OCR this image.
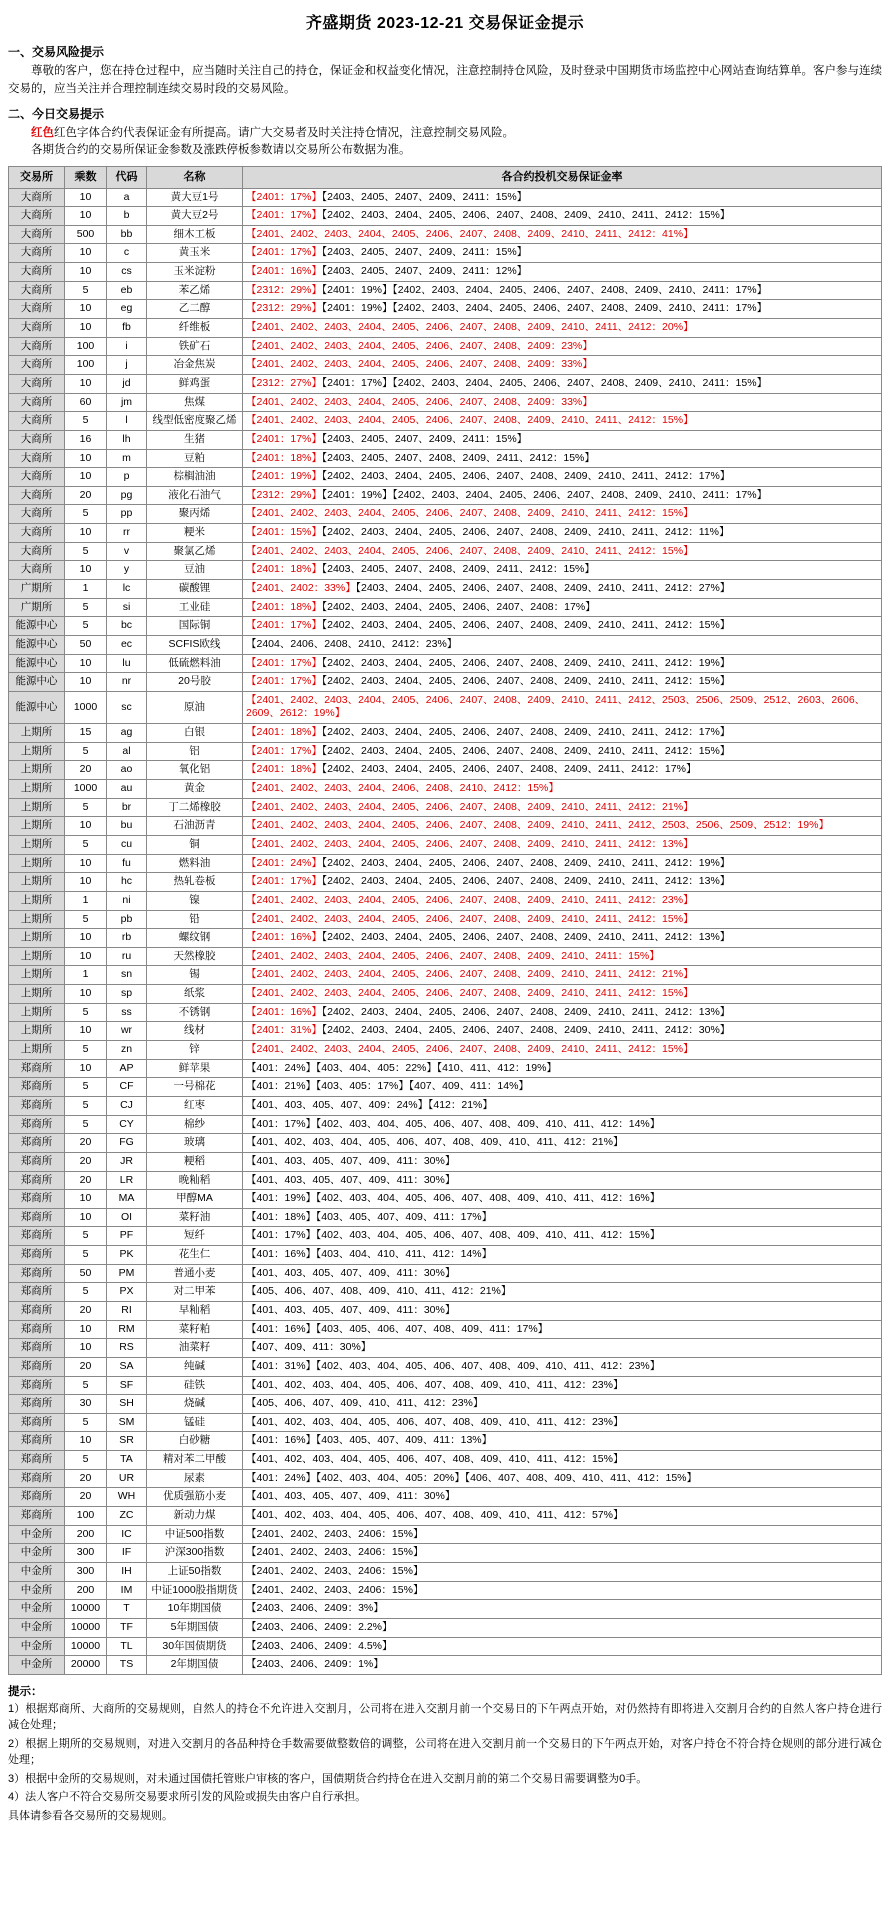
齐盛期货 2023-12-21 交易保证金提示
一、交易风险提示

尊敬的客户，您在持仓过程中，应当随时关注自己的持仓，保证金和权益变化情况，注意控制持仓风险，及时登录中国期货市场监控中心网站查询结算单。客户参与连续交易的，应当关注并合理控制连续交易时段的交易风险。

二、今日交易提示

红色红色字体合约代表保证金有所提高。请广大交易者及时关注持仓情况，注意控制交易风险。

各期货合约的交易所保证金参数及涨跌停板参数请以交易所公布数据为准。

交易所	乘数	代码	名称	各合约投机交易保证金率
大商所	10	a	黄大豆1号	【2401：17%】【2403、2405、2407、2409、2411：15%】
大商所	10	b	黄大豆2号	【2401：17%】【2402、2403、2404、2405、2406、2407、2408、2409、2410、2411、2412：15%】
大商所	500	bb	细木工板	【2401、2402、2403、2404、2405、2406、2407、2408、2409、2410、2411、2412：41%】
大商所	10	c	黄玉米	【2401：17%】【2403、2405、2407、2409、2411：15%】
大商所	10	cs	玉米淀粉	【2401：16%】【2403、2405、2407、2409、2411：12%】
大商所	5	eb	苯乙烯	【2312：29%】【2401：19%】【2402、2403、2404、2405、2406、2407、2408、2409、2410、2411：17%】
大商所	10	eg	乙二醇	【2312：29%】【2401：19%】【2402、2403、2404、2405、2406、2407、2408、2409、2410、2411：17%】
大商所	10	fb	纤维板	【2401、2402、2403、2404、2405、2406、2407、2408、2409、2410、2411、2412：20%】
大商所	100	i	铁矿石	【2401、2402、2403、2404、2405、2406、2407、2408、2409：23%】
大商所	100	j	冶金焦炭	【2401、2402、2403、2404、2405、2406、2407、2408、2409：33%】
大商所	10	jd	鲜鸡蛋	【2312：27%】【2401：17%】【2402、2403、2404、2405、2406、2407、2408、2409、2410、2411：15%】
大商所	60	jm	焦煤	【2401、2402、2403、2404、2405、2406、2407、2408、2409：33%】
大商所	5	l	线型低密度聚乙烯	【2401、2402、2403、2404、2405、2406、2407、2408、2409、2410、2411、2412：15%】
大商所	16	lh	生猪	【2401：17%】【2403、2405、2407、2409、2411：15%】
大商所	10	m	豆粕	【2401：18%】【2403、2405、2407、2408、2409、2411、2412：15%】
大商所	10	p	棕榈油油	【2401：19%】【2402、2403、2404、2405、2406、2407、2408、2409、2410、2411、2412：17%】
大商所	20	pg	液化石油气	【2312：29%】【2401：19%】【2402、2403、2404、2405、2406、2407、2408、2409、2410、2411：17%】
大商所	5	pp	聚丙烯	【2401、2402、2403、2404、2405、2406、2407、2408、2409、2410、2411、2412：15%】
大商所	10	rr	粳米	【2401：15%】【2402、2403、2404、2405、2406、2407、2408、2409、2410、2411、2412：11%】
大商所	5	v	聚氯乙烯	【2401、2402、2403、2404、2405、2406、2407、2408、2409、2410、2411、2412：15%】
大商所	10	y	豆油	【2401：18%】【2403、2405、2407、2408、2409、2411、2412：15%】
广期所	1	lc	碳酸锂	【2401、2402：33%】【2403、2404、2405、2406、2407、2408、2409、2410、2411、2412：27%】
广期所	5	si	工业硅	【2401：18%】【2402、2403、2404、2405、2406、2407、2408：17%】
能源中心	5	bc	国际铜	【2401：17%】【2402、2403、2404、2405、2406、2407、2408、2409、2410、2411、2412：15%】
能源中心	50	ec	SCFIS欧线	【2404、2406、2408、2410、2412：23%】
能源中心	10	lu	低硫燃料油	【2401：17%】【2402、2403、2404、2405、2406、2407、2408、2409、2410、2411、2412：19%】
能源中心	10	nr	20号胶	【2401：17%】【2402、2403、2404、2405、2406、2407、2408、2409、2410、2411、2412：15%】
能源中心	1000	sc	原油	【2401、2402、2403、2404、2405、2406、2407、2408、2409、2410、2411、2412、2503、2506、2509、2512、2603、2606、2609、2612：19%】
上期所	15	ag	白银	【2401：18%】【2402、2403、2404、2405、2406、2407、2408、2409、2410、2411、2412：17%】
上期所	5	al	铝	【2401：17%】【2402、2403、2404、2405、2406、2407、2408、2409、2410、2411、2412：15%】
上期所	20	ao	氧化铝	【2401：18%】【2402、2403、2404、2405、2406、2407、2408、2409、2411、2412：17%】
上期所	1000	au	黄金	【2401、2402、2403、2404、2406、2408、2410、2412：15%】
上期所	5	br	丁二烯橡胶	【2401、2402、2403、2404、2405、2406、2407、2408、2409、2410、2411、2412：21%】
上期所	10	bu	石油沥青	【2401、2402、2403、2404、2405、2406、2407、2408、2409、2410、2411、2412、2503、2506、2509、2512：19%】
上期所	5	cu	铜	【2401、2402、2403、2404、2405、2406、2407、2408、2409、2410、2411、2412：13%】
上期所	10	fu	燃料油	【2401：24%】【2402、2403、2404、2405、2406、2407、2408、2409、2410、2411、2412：19%】
上期所	10	hc	热轧卷板	【2401：17%】【2402、2403、2404、2405、2406、2407、2408、2409、2410、2411、2412：13%】
上期所	1	ni	镍	【2401、2402、2403、2404、2405、2406、2407、2408、2409、2410、2411、2412：23%】
上期所	5	pb	铅	【2401、2402、2403、2404、2405、2406、2407、2408、2409、2410、2411、2412：15%】
上期所	10	rb	螺纹钢	【2401：16%】【2402、2403、2404、2405、2406、2407、2408、2409、2410、2411、2412：13%】
上期所	10	ru	天然橡胶	【2401、2402、2403、2404、2405、2406、2407、2408、2409、2410、2411：15%】
上期所	1	sn	锡	【2401、2402、2403、2404、2405、2406、2407、2408、2409、2410、2411、2412：21%】
上期所	10	sp	纸浆	【2401、2402、2403、2404、2405、2406、2407、2408、2409、2410、2411、2412：15%】
上期所	5	ss	不锈钢	【2401：16%】【2402、2403、2404、2405、2406、2407、2408、2409、2410、2411、2412：13%】
上期所	10	wr	线材	【2401：31%】【2402、2403、2404、2405、2406、2407、2408、2409、2410、2411、2412：30%】
上期所	5	zn	锌	【2401、2402、2403、2404、2405、2406、2407、2408、2409、2410、2411、2412：15%】
郑商所	10	AP	鲜苹果	【401：24%】【403、404、405：22%】【410、411、412：19%】
郑商所	5	CF	一号棉花	【401：21%】【403、405：17%】【407、409、411：14%】
郑商所	5	CJ	红枣	【401、403、405、407、409：24%】【412：21%】
郑商所	5	CY	棉纱	【401：17%】【402、403、404、405、406、407、408、409、410、411、412：14%】
郑商所	20	FG	玻璃	【401、402、403、404、405、406、407、408、409、410、411、412：21%】
郑商所	20	JR	粳稻	【401、403、405、407、409、411：30%】
郑商所	20	LR	晚籼稻	【401、403、405、407、409、411：30%】
郑商所	10	MA	甲醇MA	【401：19%】【402、403、404、405、406、407、408、409、410、411、412：16%】
郑商所	10	OI	菜籽油	【401：18%】【403、405、407、409、411：17%】
郑商所	5	PF	短纤	【401：17%】【402、403、404、405、406、407、408、409、410、411、412：15%】
郑商所	5	PK	花生仁	【401：16%】【403、404、410、411、412：14%】
郑商所	50	PM	普通小麦	【401、403、405、407、409、411：30%】
郑商所	5	PX	对二甲苯	【405、406、407、408、409、410、411、412：21%】
郑商所	20	RI	早籼稻	【401、403、405、407、409、411：30%】
郑商所	10	RM	菜籽粕	【401：16%】【403、405、406、407、408、409、411：17%】
郑商所	10	RS	油菜籽	【407、409、411：30%】
郑商所	20	SA	纯碱	【401：31%】【402、403、404、405、406、407、408、409、410、411、412：23%】
郑商所	5	SF	硅铁	【401、402、403、404、405、406、407、408、409、410、411、412：23%】
郑商所	30	SH	烧碱	【405、406、407、409、410、411、412：23%】
郑商所	5	SM	锰硅	【401、402、403、404、405、406、407、408、409、410、411、412：23%】
郑商所	10	SR	白砂糖	【401：16%】【403、405、407、409、411：13%】
郑商所	5	TA	精对苯二甲酸	【401、402、403、404、405、406、407、408、409、410、411、412：15%】
郑商所	20	UR	尿素	【401：24%】【402、403、404、405：20%】【406、407、408、409、410、411、412：15%】
郑商所	20	WH	优质强筋小麦	【401、403、405、407、409、411：30%】
郑商所	100	ZC	新动力煤	【401、402、403、404、405、406、407、408、409、410、411、412：57%】
中金所	200	IC	中证500指数	【2401、2402、2403、2406：15%】
中金所	300	IF	沪深300指数	【2401、2402、2403、2406：15%】
中金所	300	IH	上证50指数	【2401、2402、2403、2406：15%】
中金所	200	IM	中证1000股指期货	【2401、2402、2403、2406：15%】
中金所	10000	T	10年期国债	【2403、2406、2409：3%】
中金所	10000	TF	5年期国债	【2403、2406、2409：2.2%】
中金所	10000	TL	30年国债期货	【2403、2406、2409：4.5%】
中金所	20000	TS	2年期国债	【2403、2406、2409：1%】
提示：

1）根据郑商所、大商所的交易规则，自然人的持仓不允许进入交割月，公司将在进入交割月前一个交易日的下午两点开始，对仍然持有即将进入交割月合约的自然人客户持仓进行减仓处理；

2）根据上期所的交易规则，对进入交割月的各品种持仓手数需要做整数倍的调整，公司将在进入交割月前一个交易日的下午两点开始，对客户持仓不符合持仓规则的部分进行减仓处理；

3）根据中金所的交易规则，对未通过国债托管账户审核的客户，国债期货合约持仓在进入交割月前的第二个交易日需要调整为0手。

4）法人客户不符合交易所交易要求所引发的风险或损失由客户自行承担。

具体请参看各交易所的交易规则。
